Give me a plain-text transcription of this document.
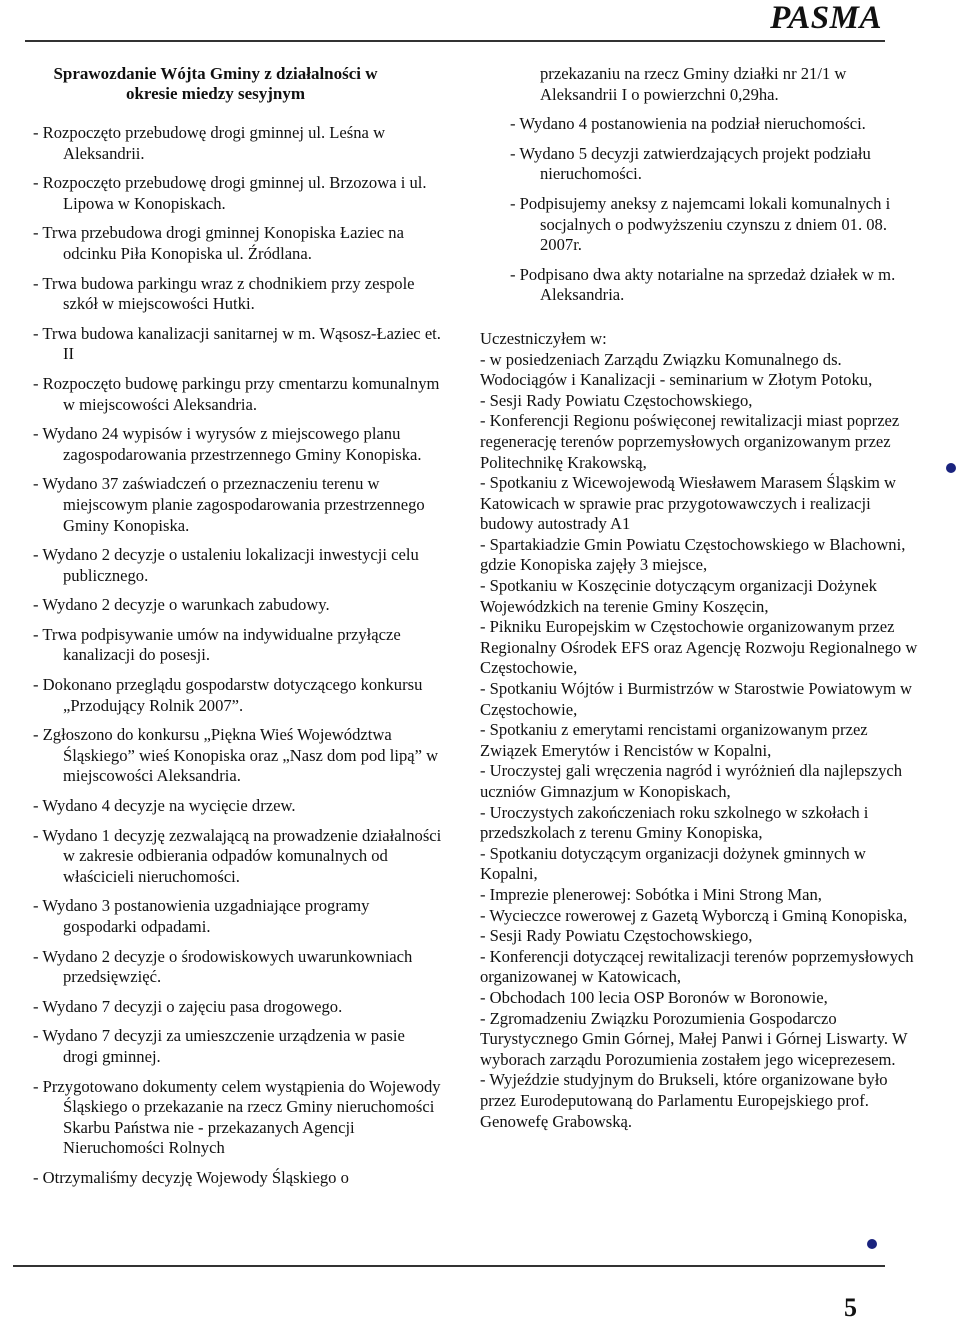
PASMA
Sprawozdanie Wójta Gminy z działalności w
okresie miedzy sesyjnym

- Rozpoczęto przebudowę drogi gminnej ul. Leśna w Aleksandrii.

- Rozpoczęto przebudowę drogi gminnej ul. Brzozowa i ul. Lipowa w Konopiskach.

- Trwa przebudowa drogi gminnej Konopiska Łaziec na odcinku Piła Konopiska ul. Źródlana.

- Trwa budowa parkingu wraz z chodnikiem przy zespole szkół w miejscowości Hutki.

- Trwa budowa kanalizacji sanitarnej w m. Wąsosz-Łaziec et. II

- Rozpoczęto budowę parkingu przy cmentarzu komunalnym w miejscowości Aleksandria.

- Wydano 24 wypisów i wyrysów z miejscowego planu zagospodarowania przestrzennego Gminy Konopiska.

- Wydano 37 zaświadczeń o przeznaczeniu terenu w miejscowym planie zagospodarowania przestrzennego Gminy Konopiska.

- Wydano 2 decyzje o ustaleniu lokalizacji inwestycji celu publicznego.

- Wydano 2 decyzje o warunkach zabudowy.

- Trwa podpisywanie umów na indywidualne przyłącze kanalizacji do posesji.

- Dokonano przeglądu gospodarstw dotyczącego konkursu „Przodujący Rolnik 2007”.

- Zgłoszono do konkursu „Piękna Wieś Województwa Śląskiego” wieś Konopiska oraz „Nasz dom pod lipą” w miejscowości Aleksandria.

- Wydano 4 decyzje na wycięcie drzew.

- Wydano 1 decyzję zezwalającą na prowadzenie działalności w zakresie odbierania odpadów komunalnych od właścicieli nieruchomości.

- Wydano 3 postanowienia uzgadniające programy gospodarki odpadami.

- Wydano 2 decyzje o środowiskowych uwarunkowniach przedsięwzięć.

- Wydano 7 decyzji o zajęciu pasa drogowego.

- Wydano 7 decyzji za umieszczenie urządzenia w pasie drogi gminnej.

- Przygotowano dokumenty celem wystąpienia do Wojewody Śląskiego o przekazanie na rzecz Gminy nieruchomości Skarbu Państwa nie - przekazanych Agencji Nieruchomości Rolnych

- Otrzymaliśmy decyzję Wojewody Śląskiego o

przekazaniu na rzecz Gminy działki nr 21/1 w Aleksandrii I o powierzchni 0,29ha.

- Wydano 4 postanowienia na podział nieruchomości.

- Wydano 5 decyzji zatwierdzających projekt podziału nieruchomości.

- Podpisujemy aneksy z najemcami lokali komunalnych i socjalnych o podwyższeniu czynszu z dniem 01. 08. 2007r.

- Podpisano dwa akty notarialne na sprzedaż działek w m. Aleksandria.

Uczestniczyłem w:

- w posiedzeniach Zarządu Związku Komunalnego ds. Wodociągów i Kanalizacji - seminarium w Złotym Potoku,

- Sesji Rady Powiatu Częstochowskiego,

- Konferencji Regionu poświęconej rewitalizacji miast poprzez regenerację terenów poprzemysłowych organizowanym przez Politechnikę Krakowską,

- Spotkaniu z Wicewojewodą Wiesławem Marasem Śląskim w Katowicach w sprawie prac przygotowawczych i realizacji budowy autostrady A1

- Spartakiadzie Gmin Powiatu Częstochowskiego w Blachowni, gdzie Konopiska zajęły 3 miejsce,

- Spotkaniu w Koszęcinie dotyczącym organizacji Dożynek Wojewódzkich na terenie Gminy Koszęcin,

- Pikniku Europejskim w Częstochowie organizowanym przez Regionalny Ośrodek EFS oraz Agencję Rozwoju Regionalnego w Częstochowie,

- Spotkaniu Wójtów i Burmistrzów w Starostwie Powiatowym w Częstochowie,

- Spotkaniu z emerytami rencistami organizowanym przez Związek Emerytów i Rencistów w Kopalni,

- Uroczystej gali wręczenia nagród i wyróżnień dla najlepszych uczniów Gimnazjum w Konopiskach,

- Uroczystych zakończeniach roku szkolnego w szkołach i przedszkolach z terenu Gminy Konopiska,

- Spotkaniu dotyczącym organizacji dożynek gminnych w Kopalni,

- Imprezie plenerowej: Sobótka i Mini Strong Man,

- Wycieczce rowerowej z Gazetą Wyborczą i Gminą Konopiska,

- Sesji Rady Powiatu Częstochowskiego,

- Konferencji dotyczącej rewitalizacji terenów poprzemysłowych organizowanej w Katowicach,

- Obchodach 100 lecia OSP Boronów w Boronowie,

- Zgromadzeniu Związku Porozumienia Gospodarczo Turystycznego Gmin Górnej, Małej Panwi i Górnej Liswarty. W wyborach zarządu Porozumienia zostałem jego wiceprezesem.

- Wyjeździe studyjnym do Brukseli, które organizowane było przez Eurodeputowaną do Parlamentu Europejskiego prof. Genowefę Grabowską.

5
